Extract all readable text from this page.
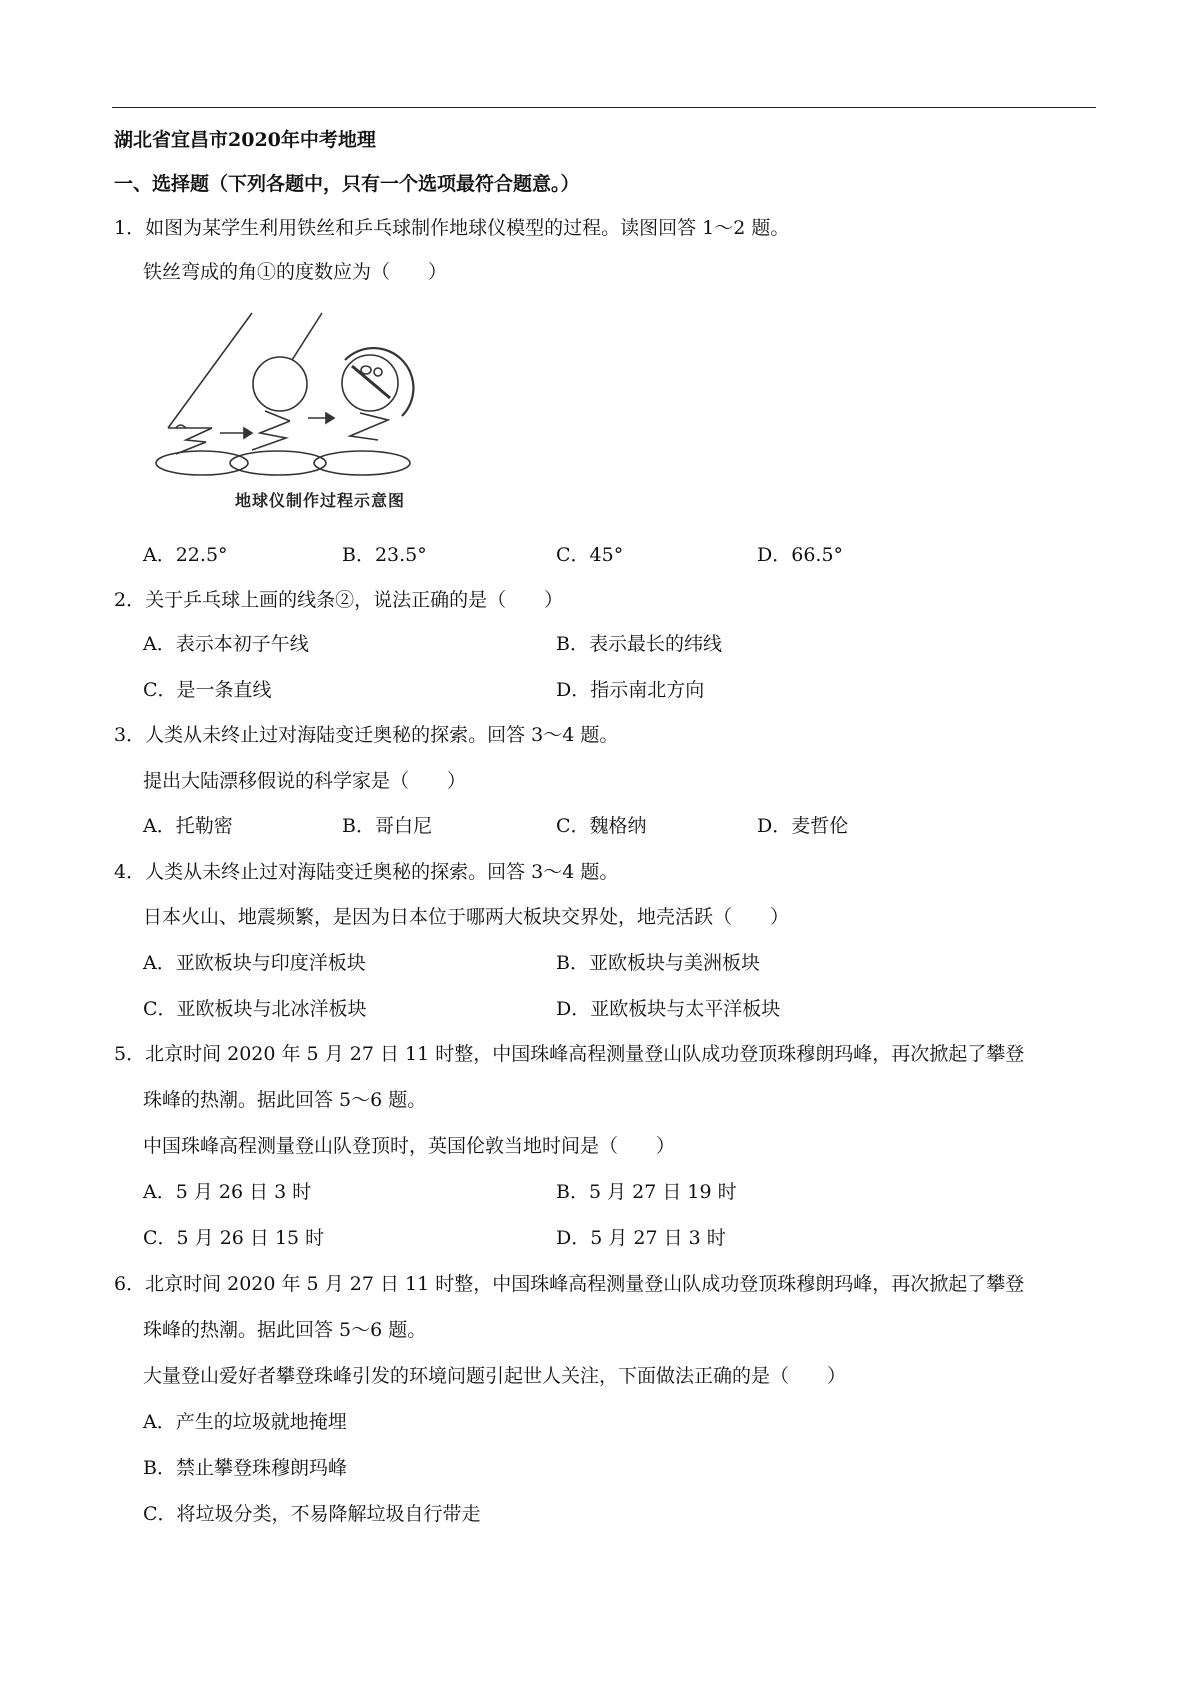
湖北省宜昌市2020年中考地理
一、选择题（下列各题中，只有一个选项最符合题意。）
1．如图为某学生利用铁丝和乒乓球制作地球仪模型的过程。读图回答 1～2 题。
铁丝弯成的角①的度数应为（　　）
地球仪制作过程示意图
A．22.5°	B．23.5°	C．45°	D．66.5°
2．关于乒乓球上画的线条②，说法正确的是（　　）
A．表示本初子午线	B．表示最长的纬线
C．是一条直线	D．指示南北方向
3．人类从未终止过对海陆变迁奥秘的探索。回答 3～4 题。
提出大陆漂移假说的科学家是（　　）
A．托勒密	B．哥白尼	C．魏格纳	D．麦哲伦
4．人类从未终止过对海陆变迁奥秘的探索。回答 3～4 题。
日本火山、地震频繁，是因为日本位于哪两大板块交界处，地壳活跃（　　）
A．亚欧板块与印度洋板块	B．亚欧板块与美洲板块
C．亚欧板块与北冰洋板块	D．亚欧板块与太平洋板块
5．北京时间 2020 年 5 月 27 日 11 时整，中国珠峰高程测量登山队成功登顶珠穆朗玛峰，再次掀起了攀登
珠峰的热潮。据此回答 5～6 题。
中国珠峰高程测量登山队登顶时，英国伦敦当地时间是（　　）
A．5 月 26 日 3 时	B．5 月 27 日 19 时
C．5 月 26 日 15 时	D．5 月 27 日 3 时
6．北京时间 2020 年 5 月 27 日 11 时整，中国珠峰高程测量登山队成功登顶珠穆朗玛峰，再次掀起了攀登
珠峰的热潮。据此回答 5～6 题。
大量登山爱好者攀登珠峰引发的环境问题引起世人关注，下面做法正确的是（　　）
A．产生的垃圾就地掩埋
B．禁止攀登珠穆朗玛峰
C．将垃圾分类，不易降解垃圾自行带走
